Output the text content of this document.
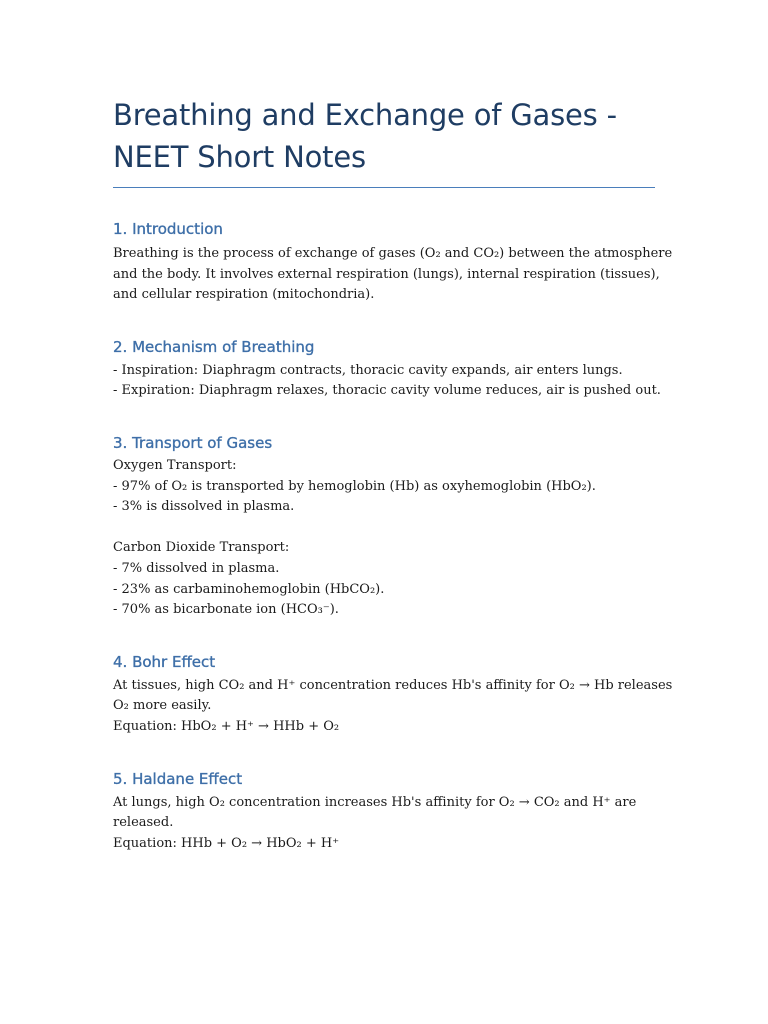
Breathing and Exchange of Gases -
NEET Short Notes
1. Introduction
Breathing is the process of exchange of gases (O₂ and CO₂) between the atmosphere
and the body. It involves external respiration (lungs), internal respiration (tissues),
and cellular respiration (mitochondria).
2. Mechanism of Breathing
- Inspiration: Diaphragm contracts, thoracic cavity expands, air enters lungs.
- Expiration: Diaphragm relaxes, thoracic cavity volume reduces, air is pushed out.
3. Transport of Gases
Oxygen Transport:
- 97% of O₂ is transported by hemoglobin (Hb) as oxyhemoglobin (HbO₂).
- 3% is dissolved in plasma.
Carbon Dioxide Transport:
- 7% dissolved in plasma.
- 23% as carbaminohemoglobin (HbCO₂).
- 70% as bicarbonate ion (HCO₃⁻).
4. Bohr Effect
At tissues, high CO₂ and H⁺ concentration reduces Hb's affinity for O₂ → Hb releases
O₂ more easily.
Equation: HbO₂ + H⁺ → HHb + O₂
5. Haldane Effect
At lungs, high O₂ concentration increases Hb's affinity for O₂ → CO₂ and H⁺ are
released.
Equation: HHb + O₂ → HbO₂ + H⁺
